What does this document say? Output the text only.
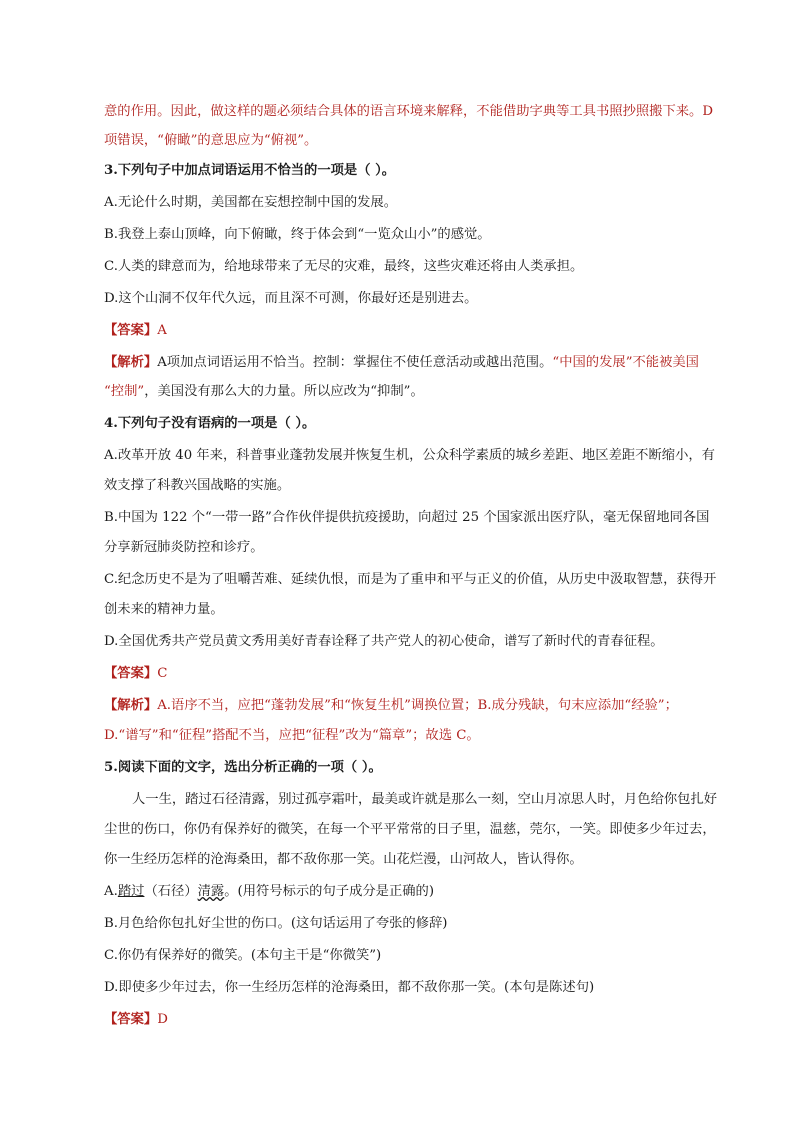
意的作用。因此，做这样的题必须结合具体的语言环境来解释，不能借助字典等工具书照抄照搬下来。D
项错误，“俯瞰”的意思应为“俯视”。
3.下列句子中加点词语运用不恰当的一项是（ ）。
A.无论什么时期，美国都在妄想控制中国的发展。
B.我登上泰山顶峰，向下俯瞰，终于体会到“一览众山小”的感觉。
C.人类的肆意而为，给地球带来了无尽的灾难，最终，这些灾难还将由人类承担。
D.这个山洞不仅年代久远，而且深不可测，你最好还是别进去。
【答案】A
【解析】A项加点词语运用不恰当。控制：掌握住不使任意活动或越出范围。“中国的发展”不能被美国
“控制”，美国没有那么大的力量。所以应改为“抑制”。
4.下列句子没有语病的一项是（ ）。
A.改革开放 40 年来，科普事业蓬勃发展并恢复生机，公众科学素质的城乡差距、地区差距不断缩小，有
效支撑了科教兴国战略的实施。
B.中国为 122 个“一带一路”合作伙伴提供抗疫援助，向超过 25 个国家派出医疗队，毫无保留地同各国
分享新冠肺炎防控和诊疗。
C.纪念历史不是为了咀嚼苦难、延续仇恨，而是为了重申和平与正义的价值，从历史中汲取智慧，获得开
创未来的精神力量。
D.全国优秀共产党员黄文秀用美好青春诠释了共产党人的初心使命，谱写了新时代的青春征程。
【答案】C
【解析】A.语序不当，应把“蓬勃发展”和“恢复生机”调换位置；B.成分残缺，句末应添加“经验”；
D.“谱写”和“征程”搭配不当，应把“征程”改为“篇章”；故选 C。
5.阅读下面的文字，选出分析正确的一项（ ）。
人一生，踏过石径清露，别过孤亭霜叶，最美或许就是那么一刻，空山月凉思人时，月色给你包扎好
尘世的伤口，你仍有保养好的微笑，在每一个平平常常的日子里，温慈，莞尔，一笑。即使多少年过去，
你一生经历怎样的沧海桑田，都不敌你那一笑。山花烂漫，山河故人，皆认得你。
A.踏过（石径）清露。(用符号标示的句子成分是正确的)
B.月色给你包扎好尘世的伤口。(这句话运用了夸张的修辞)
C.你仍有保养好的微笑。(本句主干是“你微笑”)
D.即使多少年过去，你一生经历怎样的沧海桑田，都不敌你那一笑。(本句是陈述句)
【答案】D
